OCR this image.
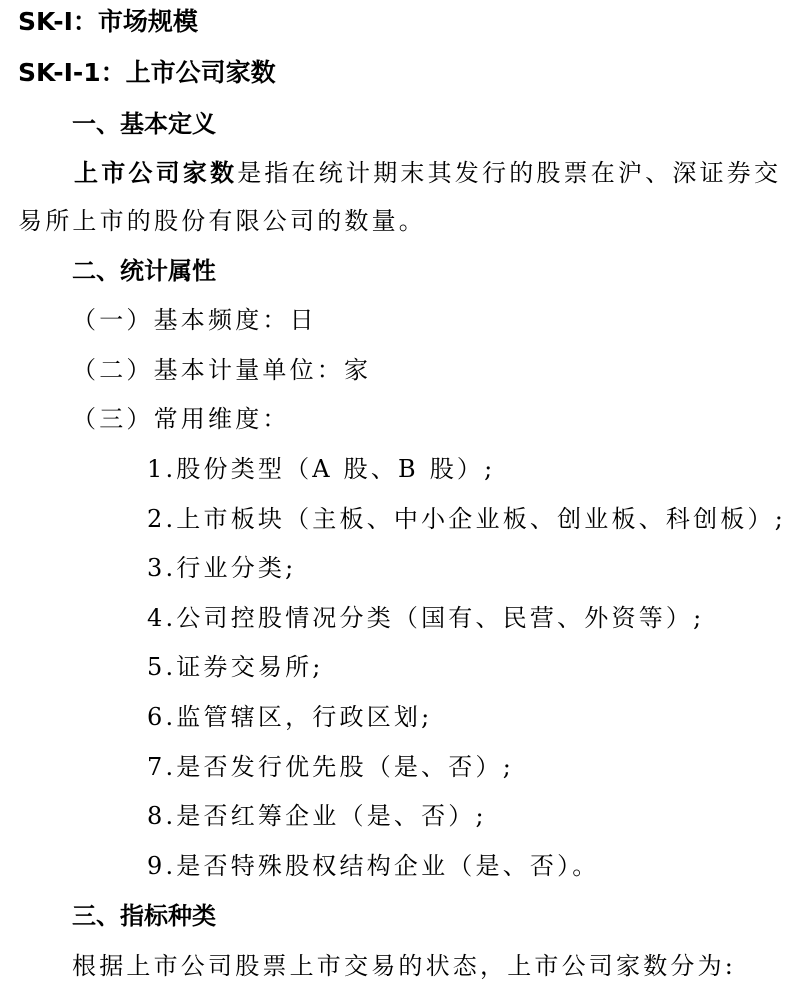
SK-I：市场规模
SK-I-1：上市公司家数
一、基本定义
上市公司家数是指在统计期末其发行的股票在沪、深证券交易所上市的股份有限公司的数量。
二、统计属性
（一）基本频度：日
（二）基本计量单位：家
（三）常用维度：
1.股份类型（A 股、B 股）;
2.上市板块（主板、中小企业板、创业板、科创板）;
3.行业分类;
4.公司控股情况分类（国有、民营、外资等）;
5.证券交易所;
6.监管辖区，行政区划;
7.是否发行优先股（是、否）;
8.是否红筹企业（是、否）;
9.是否特殊股权结构企业（是、否）。
三、指标种类
根据上市公司股票上市交易的状态，上市公司家数分为:
